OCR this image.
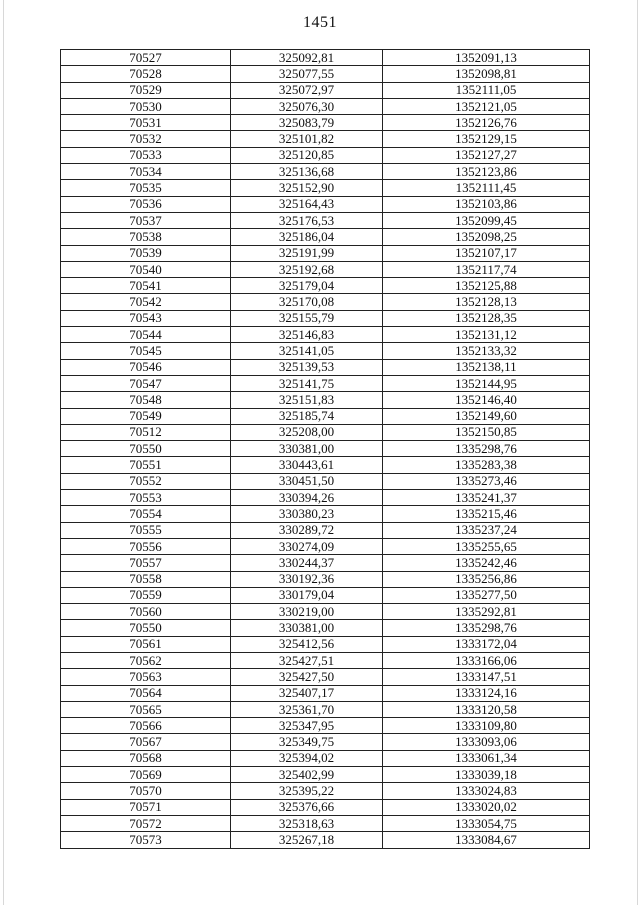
1451
70527	325092,81	1352091,13
70528	325077,55	1352098,81
70529	325072,97	1352111,05
70530	325076,30	1352121,05
70531	325083,79	1352126,76
70532	325101,82	1352129,15
70533	325120,85	1352127,27
70534	325136,68	1352123,86
70535	325152,90	1352111,45
70536	325164,43	1352103,86
70537	325176,53	1352099,45
70538	325186,04	1352098,25
70539	325191,99	1352107,17
70540	325192,68	1352117,74
70541	325179,04	1352125,88
70542	325170,08	1352128,13
70543	325155,79	1352128,35
70544	325146,83	1352131,12
70545	325141,05	1352133,32
70546	325139,53	1352138,11
70547	325141,75	1352144,95
70548	325151,83	1352146,40
70549	325185,74	1352149,60
70512	325208,00	1352150,85
70550	330381,00	1335298,76
70551	330443,61	1335283,38
70552	330451,50	1335273,46
70553	330394,26	1335241,37
70554	330380,23	1335215,46
70555	330289,72	1335237,24
70556	330274,09	1335255,65
70557	330244,37	1335242,46
70558	330192,36	1335256,86
70559	330179,04	1335277,50
70560	330219,00	1335292,81
70550	330381,00	1335298,76
70561	325412,56	1333172,04
70562	325427,51	1333166,06
70563	325427,50	1333147,51
70564	325407,17	1333124,16
70565	325361,70	1333120,58
70566	325347,95	1333109,80
70567	325349,75	1333093,06
70568	325394,02	1333061,34
70569	325402,99	1333039,18
70570	325395,22	1333024,83
70571	325376,66	1333020,02
70572	325318,63	1333054,75
70573	325267,18	1333084,67
